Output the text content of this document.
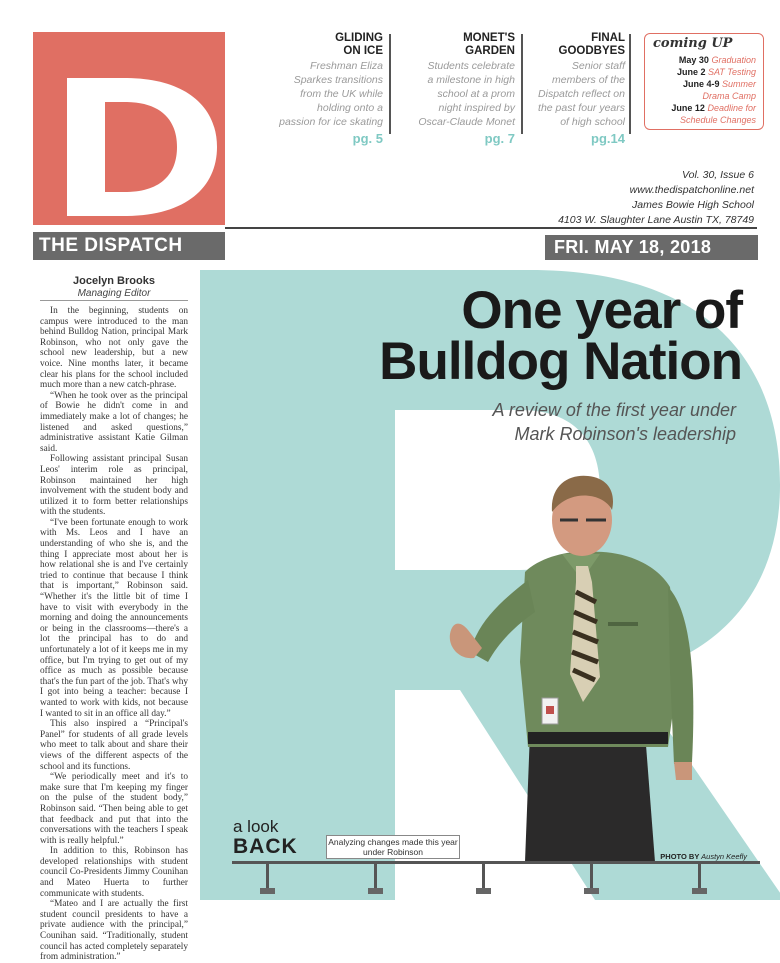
THE DISPATCH
GLIDING
ON ICE
Freshman Eliza
Sparkes transitions
from the UK while
holding onto a
passion for ice skating
pg. 5
MONET'S
GARDEN
Students celebrate
a milestone in high
school at a prom
night inspired by
Oscar-Claude Monet
pg. 7
FINAL
GOODBYES
Senior staff
members of the
Dispatch reflect on
the past four years
of high school
pg.14
coming UP
May 30 Graduation
June 2 SAT Testing
June 4-9 Summer
Drama Camp
June 12 Deadline for
Schedule Changes
Vol. 30, Issue 6
www.thedispatchonline.net
James Bowie High School
4103 W. Slaughter Lane Austin TX, 78749
FRI. MAY 18, 2018
Jocelyn Brooks
Managing Editor

In the beginning, students on campus were introduced to the man behind Bulldog Nation, principal Mark Robinson, who not only gave the school new leadership, but a new voice. Nine months later, it became clear his plans for the school included much more than a new catch-phrase.

“When he took over as the principal of Bowie he didn't come in and immediately make a lot of changes; he listened and asked questions,” administrative assistant Katie Gilman said.

Following assistant principal Susan Leos' interim role as principal, Robinson maintained her high involvement with the student body and utilized it to form better relationships with the students.

“I've been fortunate enough to work with Ms. Leos and I have an understanding of who she is, and the thing I appreciate most about her is how relational she is and I've certainly tried to continue that because I think that is important,” Robinson said. “Whether it's the little bit of time I have to visit with everybody in the morning and doing the announcements or being in the classrooms—there's a lot the principal has to do and unfortunately a lot of it keeps me in my office, but I'm trying to get out of my office as much as possible because that's the fun part of the job. That's why I got into being a teacher: because I wanted to work with kids, not because I wanted to sit in an office all day.”

This also inspired a “Principal's Panel” for students of all grade levels who meet to talk about and share their views of the different aspects of the school and its functions.

“We periodically meet and it's to make sure that I'm keeping my finger on the pulse of the student body,” Robinson said. “Then being able to get that feedback and put that into the conversations with the teachers I speak with is really helpful.”

In addition to this, Robinson has developed relationships with student council Co-Presidents Jimmy Counihan and Mateo Huerta to further communicate with students.

“Mateo and I are actually the first student council presidents to have a private audience with the principal,” Counihan said. “Traditionally, student council has acted completely separately from administration.”

One year of
Bulldog Nation
A review of the first year under
Mark Robinson's leadership
a look
BACK	Analyzing changes made this year under Robinson	PHOTO BY Austyn Keefly
